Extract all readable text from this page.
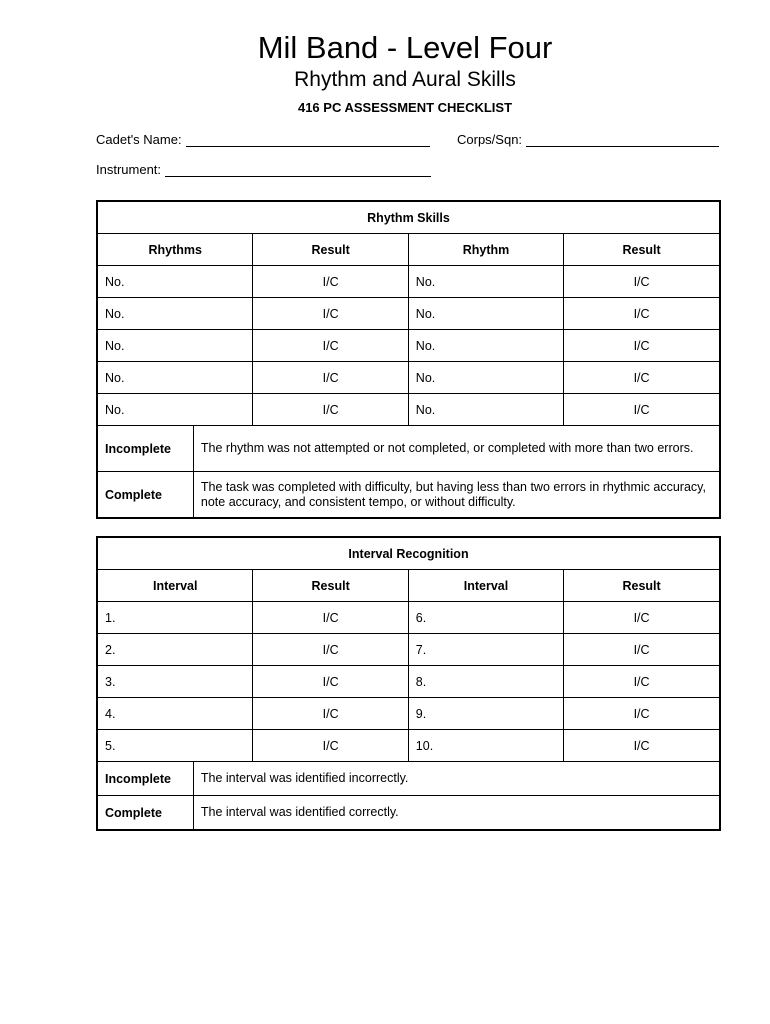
Mil Band - Level Four
Rhythm and Aural Skills
416 PC ASSESSMENT CHECKLIST
Cadet's Name:	Corps/Sqn:
Instrument:
Rhythm Skills				
Rhythms		Result	Rhythm	Result
No.		I/C	No.	I/C
No.		I/C	No.	I/C
No.		I/C	No.	I/C
No.		I/C	No.	I/C
No.		I/C	No.	I/C
Incomplete	The rhythm was not attempted or not completed, or completed with more than two errors.			
Complete	The task was completed with difficulty, but having less than two errors in rhythmic accuracy, note accuracy, and consistent tempo, or without difficulty.			
Interval Recognition				
Interval		Result	Interval	Result
1.		I/C	6.	I/C
2.		I/C	7.	I/C
3.		I/C	8.	I/C
4.		I/C	9.	I/C
5.		I/C	10.	I/C
Incomplete	The interval was identified incorrectly.			
Complete	The interval was identified correctly.			
